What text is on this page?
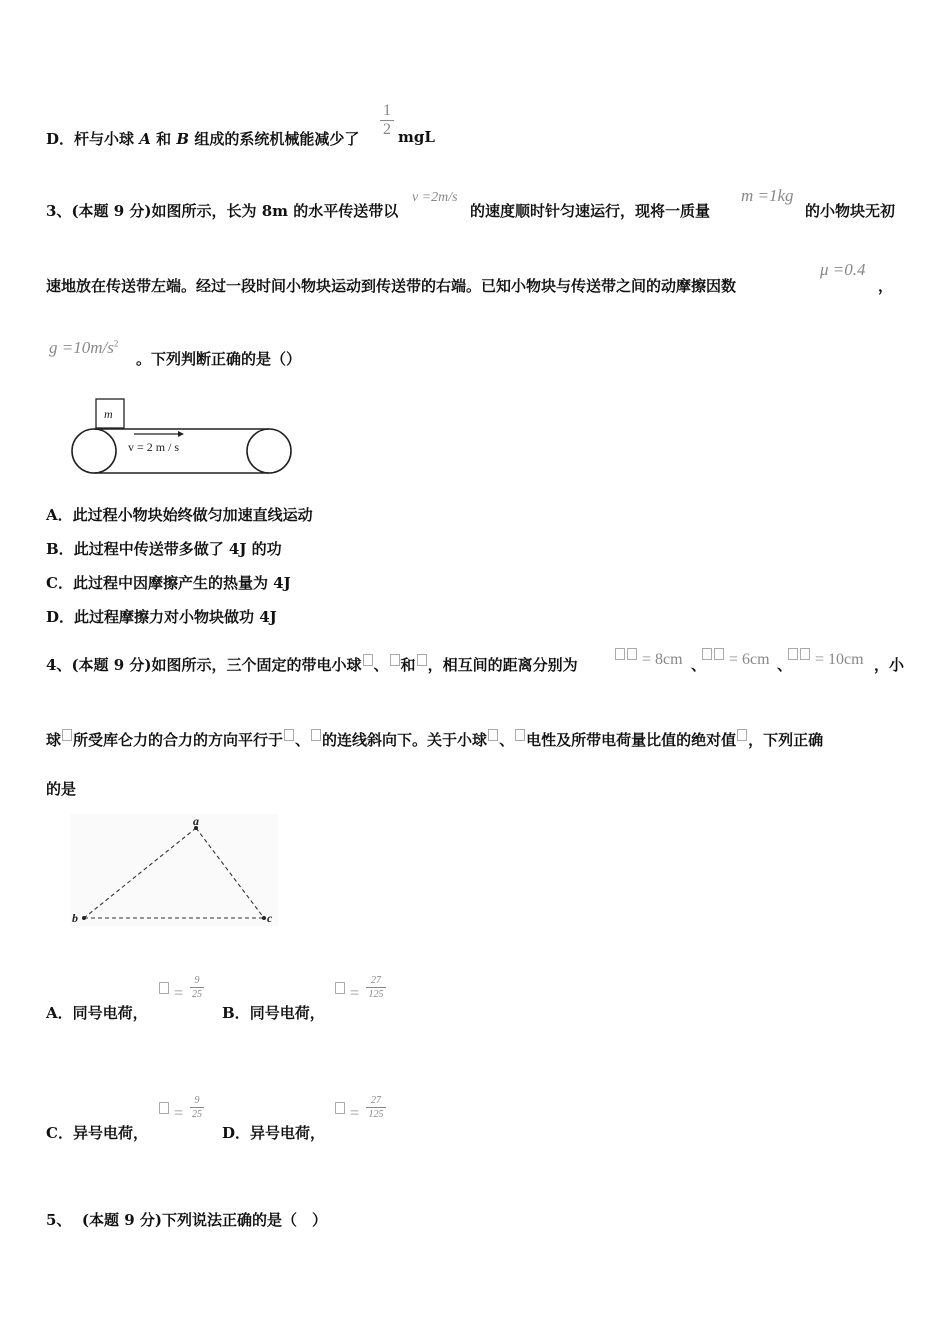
D．杆与小球 A 和 B 组成的系统机械能减少了
1
2 mgL
3、(本题 9 分)如图所示，长为 8m 的水平传送带以
v =2m/s
的速度顺时针匀速运行，现将一质量
m =1kg
的小物块无初
速地放在传送带左端。经过一段时间小物块运动到传送带的右端。已知小物块与传送带之间的动摩擦因数
μ =0.4
，
$g =10m/s^2$
。下列判断正确的是（）
m
v = 2 m / s
A．此过程小物块始终做匀加速直线运动
B．此过程中传送带多做了 4J 的功
C．此过程中因摩擦产生的热量为 4J
D．此过程摩擦力对小物块做功 4J
4、(本题 9 分)如图所示，三个固定的带电小球 、 和 ，相互间的距离分别为	= 8cm 、	= 6cm 、	= 10cm ，小
球 所受库仑力的合力的方向平行于 、 的连线斜向下。关于小球 、 电性及所带电荷量比值的绝对值 ，下列正确
的是
a
b	c
A．同号电荷，
=
9
25
B．同号电荷，
=
27
125
C．异号电荷，
=
9
25
D．异号电荷，
=
27
125
5、 (本题 9 分)下列说法正确的是（　）
